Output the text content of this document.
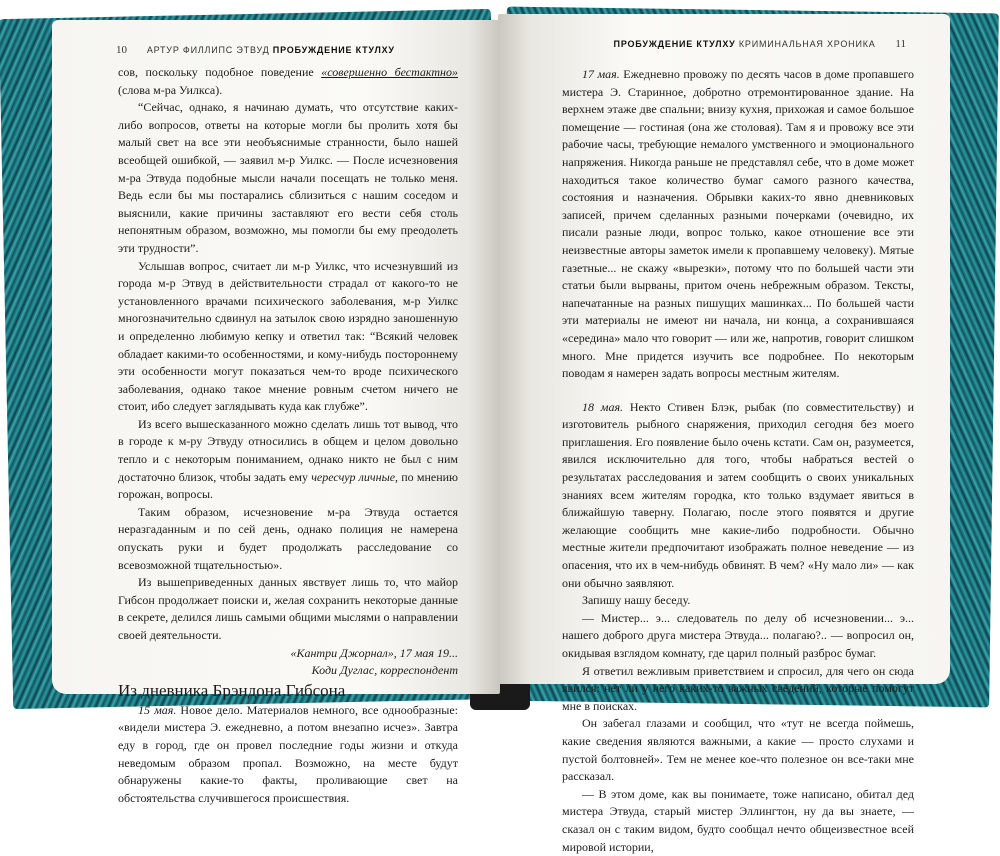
10 АРТУР ФИЛЛИПС ЭТВУД ПРОБУЖДЕНИЕ КТУЛХУ

сов, поскольку подобное поведение «совершенно бестактно» (слова м-ра Уилкса).

“Сейчас, однако, я начинаю думать, что отсутствие каких-либо вопросов, ответы на которые могли бы пролить хотя бы малый свет на все эти необъяснимые странности, было нашей всеобщей ошибкой, — заявил м-р Уилкс. — После исчезновения м-ра Этвуда подобные мысли начали посещать не только меня. Ведь если бы мы постарались сблизиться с нашим соседом и выяснили, какие причины заставляют его вести себя столь непонятным образом, возможно, мы помогли бы ему преодолеть эти трудности”.

Услышав вопрос, считает ли м-р Уилкс, что исчезнувший из города м-р Этвуд в действительности страдал от какого-то не установленного врачами психического заболевания, м-р Уилкс многозначительно сдвинул на затылок свою изрядно заношенную и определенно любимую кепку и ответил так: “Всякий человек обладает какими-то особенностями, и кому-нибудь постороннему эти особенности могут показаться чем-то вроде психического заболевания, однако такое мнение ровным счетом ничего не стоит, ибо следует заглядывать куда как глубже”.

Из всего вышесказанного можно сделать лишь тот вывод, что в городе к м-ру Этвуду относились в общем и целом довольно тепло и с некоторым пониманием, однако никто не был с ним достаточно близок, чтобы задать ему чересчур личные, по мнению горожан, вопросы.

Таким образом, исчезновение м-ра Этвуда остается неразгаданным и по сей день, однако полиция не намерена опускать руки и будет продолжать расследование со всевозможной тщательностью».

Из вышеприведенных данных явствует лишь то, что майор Гибсон продолжает поиски и, желая сохранить некоторые данные в секрете, делился лишь самыми общими мыслями о направлении своей деятельности.

«Кантри Джорнал», 17 мая 19...

Коди Дуглас, корреспондент

Из дневника Брэндона Гибсона

15 мая. Новое дело. Материалов немного, все однообразные: «видели мистера Э. ежедневно, а потом внезапно исчез». Завтра еду в город, где он провел последние годы жизни и откуда неведомым образом пропал. Возможно, на месте будут обнаружены какие-то факты, проливающие свет на обстоятельства случившегося происшествия.

ПРОБУЖДЕНИЕ КТУЛХУ КРИМИНАЛЬНАЯ ХРОНИКА 11

17 мая. Ежедневно провожу по десять часов в доме пропавшего мистера Э. Старинное, добротно отремонтированное здание. На верхнем этаже две спальни; внизу кухня, прихожая и самое большое помещение — гостиная (она же столовая). Там я и провожу все эти рабочие часы, требующие немалого умственного и эмоционального напряжения. Никогда раньше не представлял себе, что в доме может находиться такое количество бумаг самого разного качества, состояния и назначения. Обрывки каких-то явно дневниковых записей, причем сделанных разными почерками (очевидно, их писали разные люди, вопрос только, какое отношение все эти неизвестные авторы заметок имели к пропавшему человеку). Мятые газетные... не скажу «вырезки», потому что по большей части эти статьи были вырваны, притом очень небрежным образом. Тексты, напечатанные на разных пишущих машинках... По большей части эти материалы не имеют ни начала, ни конца, а сохранившаяся «середина» мало что говорит — или же, напротив, говорит слишком много. Мне придется изучить все подробнее. По некоторым поводам я намерен задать вопросы местным жителям.

18 мая. Некто Стивен Блэк, рыбак (по совместительству) и изготовитель рыбного снаряжения, приходил сегодня без моего приглашения. Его появление было очень кстати. Сам он, разумеется, явился исключительно для того, чтобы набраться вестей о результатах расследования и затем сообщить о своих уникальных знаниях всем жителям городка, кто только вздумает явиться в ближайшую таверну. Полагаю, после этого появятся и другие желающие сообщить мне какие-либо подробности. Обычно местные жители предпочитают изображать полное неведение — из опасения, что их в чем-нибудь обвинят. В чем? «Ну мало ли» — как они обычно заявляют.

Запишу нашу беседу.

— Мистер... э... следователь по делу об исчезновении... э... нашего доброго друга мистера Этвуда... полагаю?.. — вопросил он, окидывая взглядом комнату, где царил полный разброс бумаг.

Я ответил вежливым приветствием и спросил, для чего он сюда явился: нет ли у него каких-то важных сведений, которые помогут мне в поисках.

Он забегал глазами и сообщил, что «тут не всегда поймешь, какие сведения являются важными, а какие — просто слухами и пустой болтовней». Тем не менее кое-что полезное он все-таки мне рассказал.

— В этом доме, как вы понимаете, тоже написано, обитал дед мистера Этвуда, старый мистер Эллингтон, ну да вы знаете, — сказал он с таким видом, будто сообщал нечто общеизвестное всей мировой истории,
